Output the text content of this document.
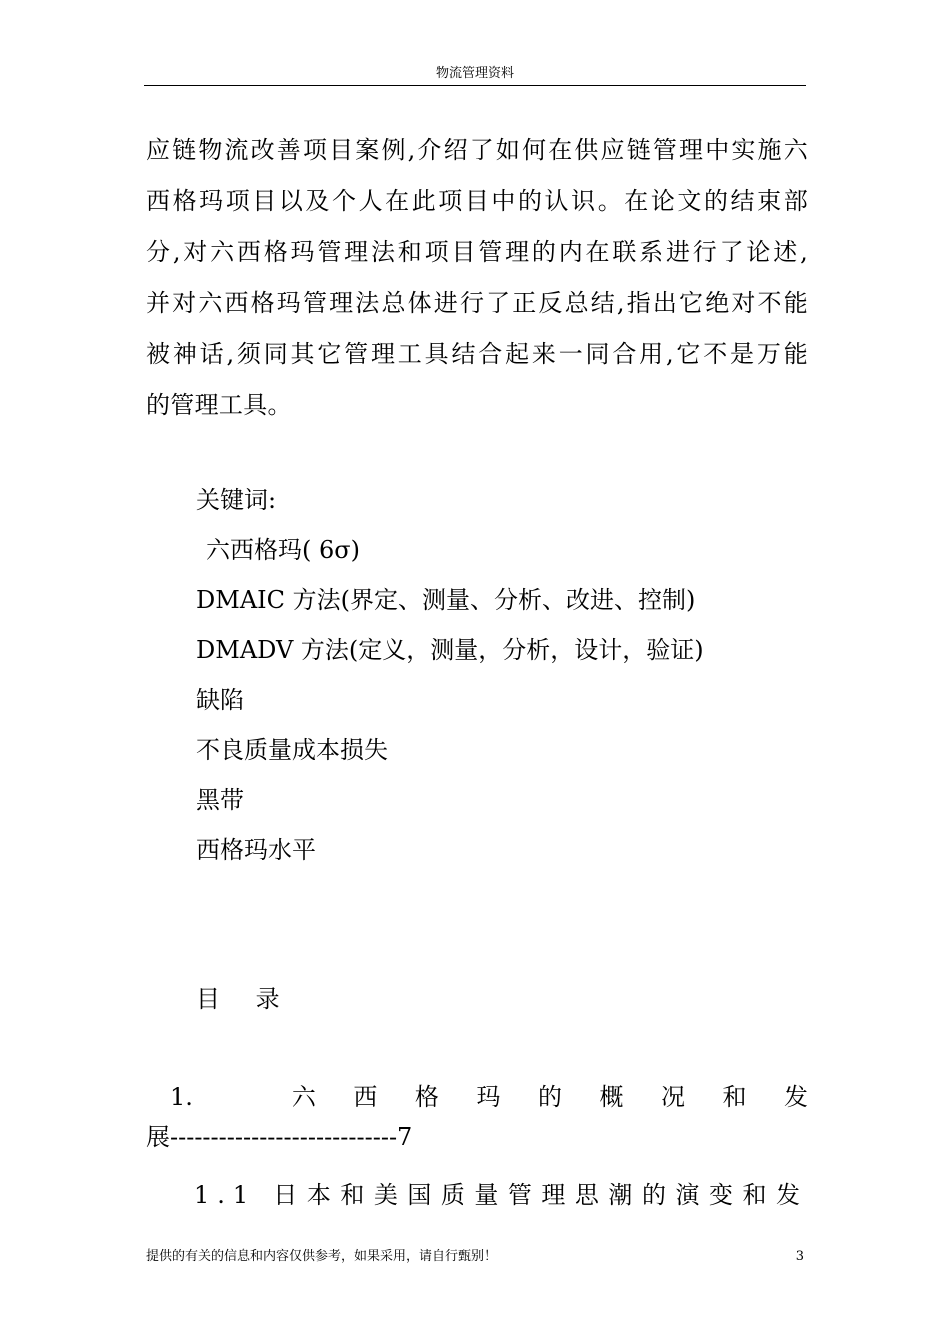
物流管理资料
应链物流改善项目案例,介绍了如何在供应链管理中实施六
西格玛项目以及个人在此项目中的认识。在论文的结束部
分,对六西格玛管理法和项目管理的内在联系进行了论述,
并对六西格玛管理法总体进行了正反总结,指出它绝对不能
被神话,须同其它管理工具结合起来一同合用,它不是万能
的管理工具。
关键词:
六西格玛( 6σ)
DMAIC 方法(界定、测量、分析、改进、控制)
DMADV 方法(定义，测量，分析，设计，验证)
缺陷
不良质量成本损失
黑带
西格玛水平
目 录
1.　　　六　西　格　玛　的　概　况　和　发
展----------------------------7
1.1 日本和美国质量管理思潮的演变和发
提供的有关的信息和内容仅供参考，如果采用，请自行甄别！	3
